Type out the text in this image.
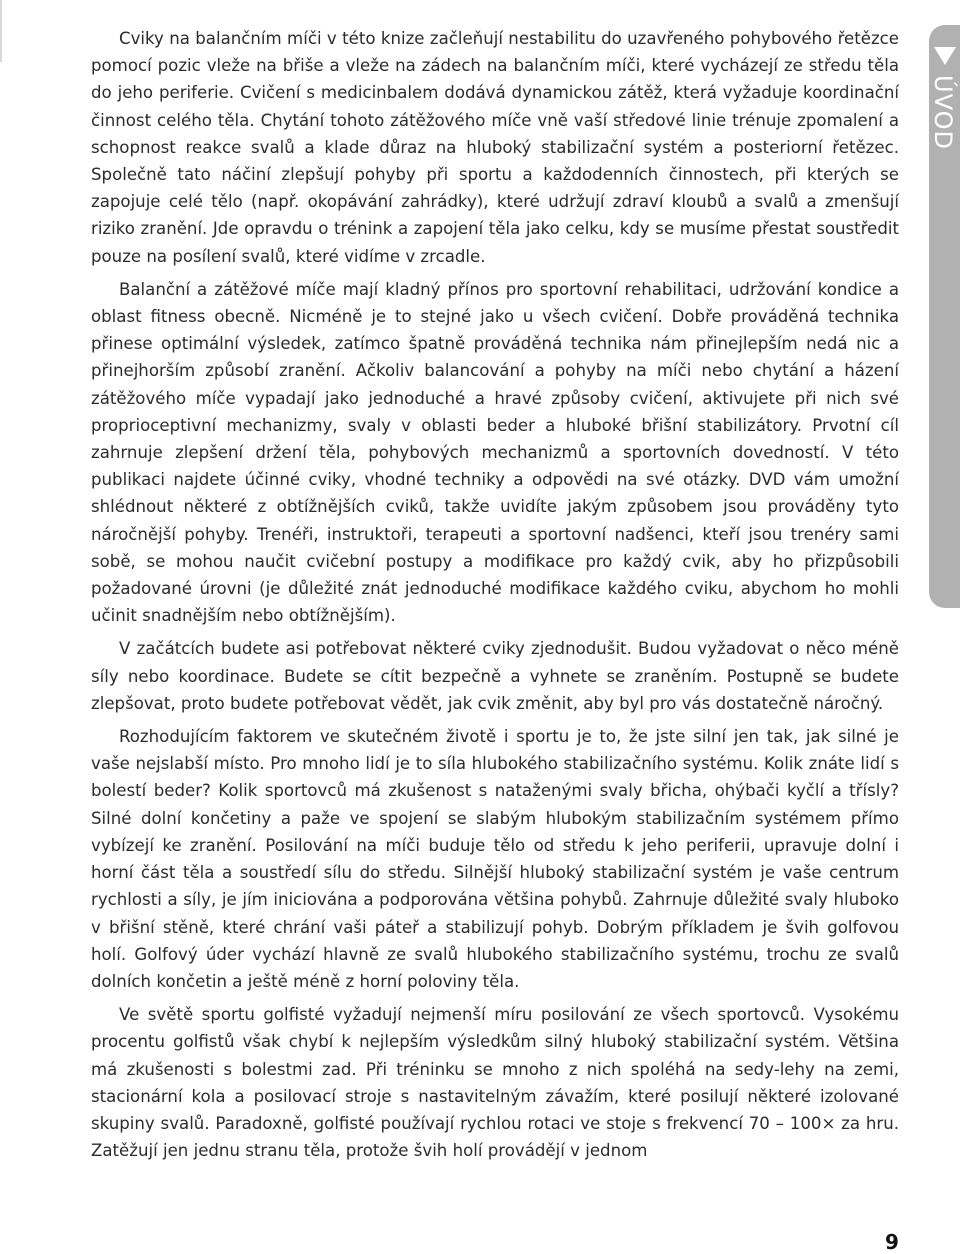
ÚVOD

Cviky na balančním míči v této knize začleňují nestabilitu do uzavřeného pohybového řetězce pomocí pozic vleže na břiše a vleže na zádech na balančním míči, které vycházejí ze středu těla do jeho periferie. Cvičení s medicinbalem dodává dynamickou zátěž, která vyžaduje koordinační činnost celého těla. Chytání tohoto zátěžového míče vně vaší středové linie trénuje zpomalení a schopnost reakce svalů a klade důraz na hluboký stabilizační systém a posteriorní řetězec. Společně tato náčiní zlepšují pohyby při sportu a každodenních činnostech, při kterých se zapojuje celé tělo (např. okopávání zahrádky), které udržují zdraví kloubů a svalů a zmenšují riziko zranění. Jde opravdu o trénink a zapojení těla jako celku, kdy se musíme přestat soustředit pouze na posílení svalů, které vidíme v zrcadle.

Balanční a zátěžové míče mají kladný přínos pro sportovní rehabilitaci, udržování kondice a oblast fitness obecně. Nicméně je to stejné jako u všech cvičení. Dobře prováděná technika přinese optimální výsledek, zatímco špatně prováděná technika nám přinejlepším nedá nic a přinejhorším způsobí zranění. Ačkoliv balancování a pohyby na míči nebo chytání a házení zátěžového míče vypadají jako jednoduché a hravé způsoby cvičení, aktivujete při nich své proprioceptivní mechanizmy, svaly v oblasti beder a hluboké břišní stabilizátory. Prvotní cíl zahrnuje zlepšení držení těla, pohybových mechanizmů a sportovních dovedností. V této publikaci najdete účinné cviky, vhodné techniky a odpovědi na své otázky. DVD vám umožní shlédnout některé z obtížnějších cviků, takže uvidíte jakým způsobem jsou prováděny tyto náročnější pohyby. Trenéři, instruktoři, terapeuti a sportovní nadšenci, kteří jsou trenéry sami sobě, se mohou naučit cvičební postupy a modifikace pro každý cvik, aby ho přizpůsobili požadované úrovni (je důležité znát jednoduché modifikace každého cviku, abychom ho mohli učinit snadnějším nebo obtížnějším).

V začátcích budete asi potřebovat některé cviky zjednodušit. Budou vyžadovat o něco méně síly nebo koordinace. Budete se cítit bezpečně a vyhnete se zraněním. Postupně se budete zlepšovat, proto budete potřebovat vědět, jak cvik změnit, aby byl pro vás dostatečně náročný.

Rozhodujícím faktorem ve skutečném životě i sportu je to, že jste silní jen tak, jak silné je vaše nejslabší místo. Pro mnoho lidí je to síla hlubokého stabilizačního systému. Kolik znáte lidí s bolestí beder? Kolik sportovců má zkušenost s nataženými svaly břicha, ohýbači kyčlí a třísly? Silné dolní končetiny a paže ve spojení se slabým hlubokým stabilizačním systémem přímo vybízejí ke zranění. Posilování na míči buduje tělo od středu k jeho periferii, upravuje dolní i horní část těla a soustředí sílu do středu. Silnější hluboký stabilizační systém je vaše centrum rychlosti a síly, je jím iniciována a podporována většina pohybů. Zahrnuje důležité svaly hluboko v břišní stěně, které chrání vaši páteř a stabilizují pohyb. Dobrým příkladem je švih golfovou holí. Golfový úder vychází hlavně ze svalů hlubokého stabilizačního systému, trochu ze svalů dolních končetin a ještě méně z horní poloviny těla.

Ve světě sportu golfisté vyžadují nejmenší míru posilování ze všech sportovců. Vysokému procentu golfistů však chybí k nejlepším výsledkům silný hluboký stabilizační systém. Většina má zkušenosti s bolestmi zad. Při tréninku se mnoho z nich spoléhá na sedy-lehy na zemi, stacionární kola a posilovací stroje s nastavitelným závažím, které posilují některé izolované skupiny svalů. Paradoxně, golfisté používají rychlou rotaci ve stoje s frekvencí 70 – 100× za hru. Zatěžují jen jednu stranu těla, protože švih holí provádějí v jednom

9
